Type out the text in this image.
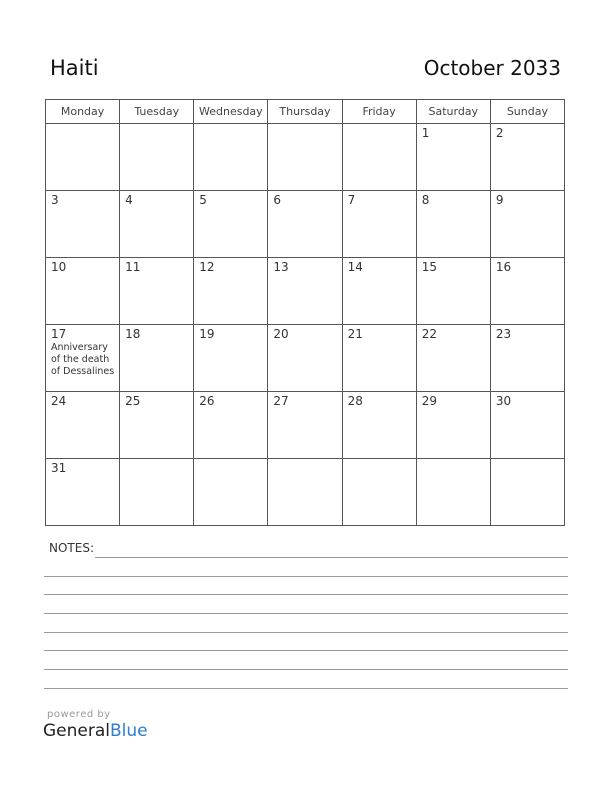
Haiti	October 2033
Monday	Tuesday	Wednesday	Thursday	Friday	Saturday	Sunday

					1	2

3	4	5	6	7	8	9

10	11	12	13	14	15	16

17
Anniversary
of the death
of Dessalines	18	19	20	21	22	23

24	25	26	27	28	29	30

31						

NOTES:
powered by
GeneralBlue
